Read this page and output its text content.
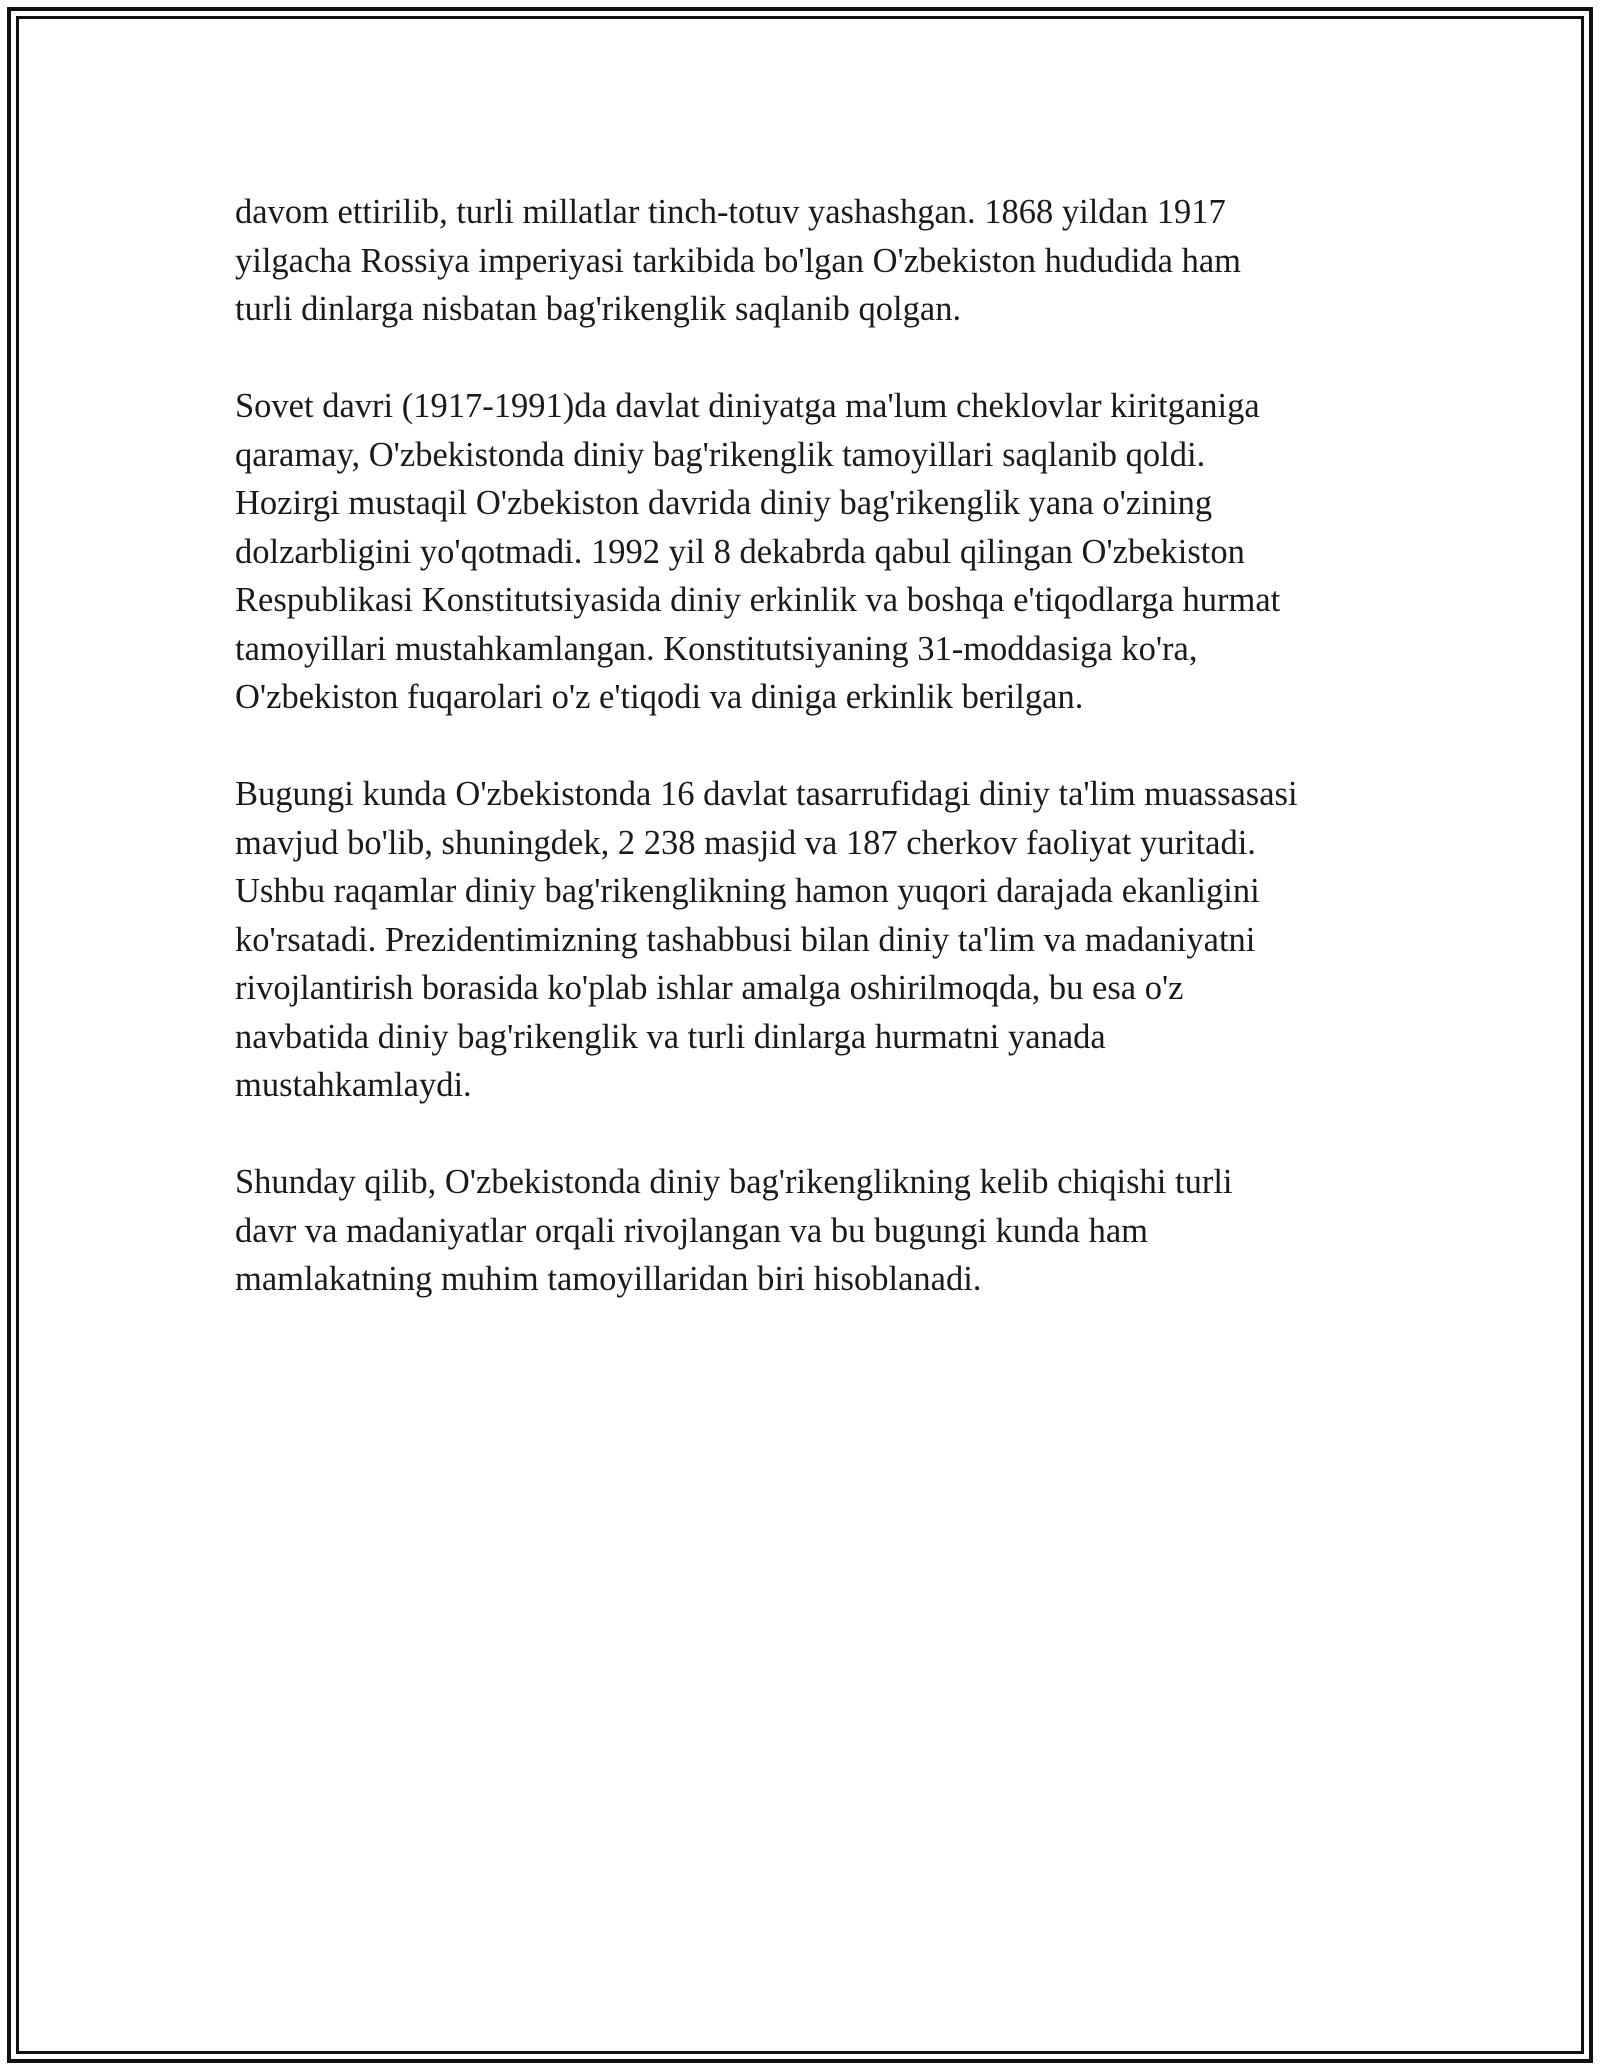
davom ettirilib, turli millatlar tinch-totuv yashashgan. 1868 yildan 1917
yilgacha Rossiya imperiyasi tarkibida bo'lgan O'zbekiston hududida ham
turli dinlarga nisbatan bag'rikenglik saqlanib qolgan.

Sovet davri (1917-1991)da davlat diniyatga ma'lum cheklovlar kiritganiga
qaramay, O'zbekistonda diniy bag'rikenglik tamoyillari saqlanib qoldi.
Hozirgi mustaqil O'zbekiston davrida diniy bag'rikenglik yana o'zining
dolzarbligini yo'qotmadi. 1992 yil 8 dekabrda qabul qilingan O'zbekiston
Respublikasi Konstitutsiyasida diniy erkinlik va boshqa e'tiqodlarga hurmat
tamoyillari mustahkamlangan. Konstitutsiyaning 31-moddasiga ko'ra,
O'zbekiston fuqarolari o'z e'tiqodi va diniga erkinlik berilgan.

Bugungi kunda O'zbekistonda 16 davlat tasarrufidagi diniy ta'lim muassasasi
mavjud bo'lib, shuningdek, 2 238 masjid va 187 cherkov faoliyat yuritadi.
Ushbu raqamlar diniy bag'rikenglikning hamon yuqori darajada ekanligini
ko'rsatadi. Prezidentimizning tashabbusi bilan diniy ta'lim va madaniyatni
rivojlantirish borasida ko'plab ishlar amalga oshirilmoqda, bu esa o'z
navbatida diniy bag'rikenglik va turli dinlarga hurmatni yanada
mustahkamlaydi.

Shunday qilib, O'zbekistonda diniy bag'rikenglikning kelib chiqishi turli
davr va madaniyatlar orqali rivojlangan va bu bugungi kunda ham
mamlakatning muhim tamoyillaridan biri hisoblanadi.
